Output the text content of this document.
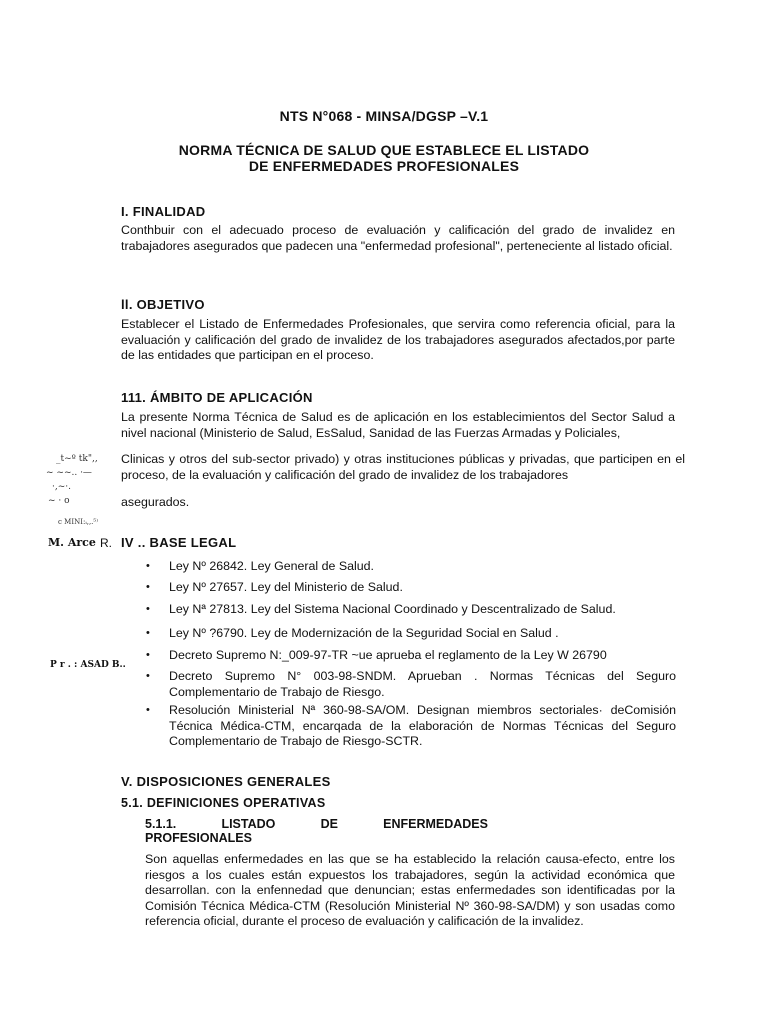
NTS N°068 - MINSA/DGSP –V.1
NORMA TÉCNICA DE SALUD QUE ESTABLECE EL LISTADO
DE ENFERMEDADES PROFESIONALES
I. FINALIDAD
Conthbuir con el adecuado proceso de evaluación y calificación del grado de invalidez en trabajadores asegurados que padecen una "enfermedad profesional", perteneciente al listado oficial.
ll. OBJETIVO
Establecer el Listado de Enfermedades Profesionales, que servira como referencia oficial, para la evaluación y calificación del grado de invalidez de los trabajadores asegurados afectados,por parte de las entidades que participan en el proceso.
111. ÁMBITO DE APLICACIÓN
La presente Norma Técnica de Salud es de aplicación en los establecimientos del Sector Salud a nivel nacional (Ministerio de Salud, EsSalud, Sanidad de las Fuerzas Armadas y Policiales,
Clinicas y otros del sub-sector privado) y otras instituciones públicas y privadas, que participen en el proceso, de la evaluación y calificación del grado de invalidez de los trabajadores
asegurados.
_t~º tk",,
~ ~~.. ·—
·,~·.
~ · o
c MINI:ᵢ,,.⁵⁾
M. Arce R.
P r . : ASAD B..
IV .. BASE LEGAL
• Ley Nº 26842. Ley General de Salud.
• Ley Nº 27657. Ley del Ministerio de Salud.
• Ley Nª 27813. Ley del Sistema Nacional Coordinado y Descentralizado de Salud.
• Ley Nº ?6790. Ley de Modernización de la Seguridad Social en Salud .
• Decreto Supremo N:_009-97-TR ~ue aprueba el reglamento de la Ley W 26790
• Decreto Supremo N° 003-98-SNDM. Aprueban . Normas Técnicas del Seguro Complementario de Trabajo de Riesgo.
• Resolución Ministerial Nª 360-98-SA/OM. Designan miembros sectoriales· deComisión Técnica Médica-CTM, encarqada de la elaboración de Normas Técnicas del Seguro Complementario de Trabajo de Riesgo-SCTR.
V. DISPOSICIONES GENERALES
5.1. DEFINICIONES OPERATIVAS
5.1.1.	LISTADO	DE	ENFERMEDADES
PROFESIONALES
Son aquellas enfermedades en las que se ha establecido la relación causa-efecto, entre los riesgos a los cuales están expuestos los trabajadores, según la actividad económica que desarrollan. con la enfennedad que denuncian; estas enfermedades son identificadas por la Comisión Técnica Médica-CTM (Resolución Ministerial Nº 360-98-SA/DM) y son usadas como referencia oficial, durante el proceso de evaluación y calificación de la invalidez.
